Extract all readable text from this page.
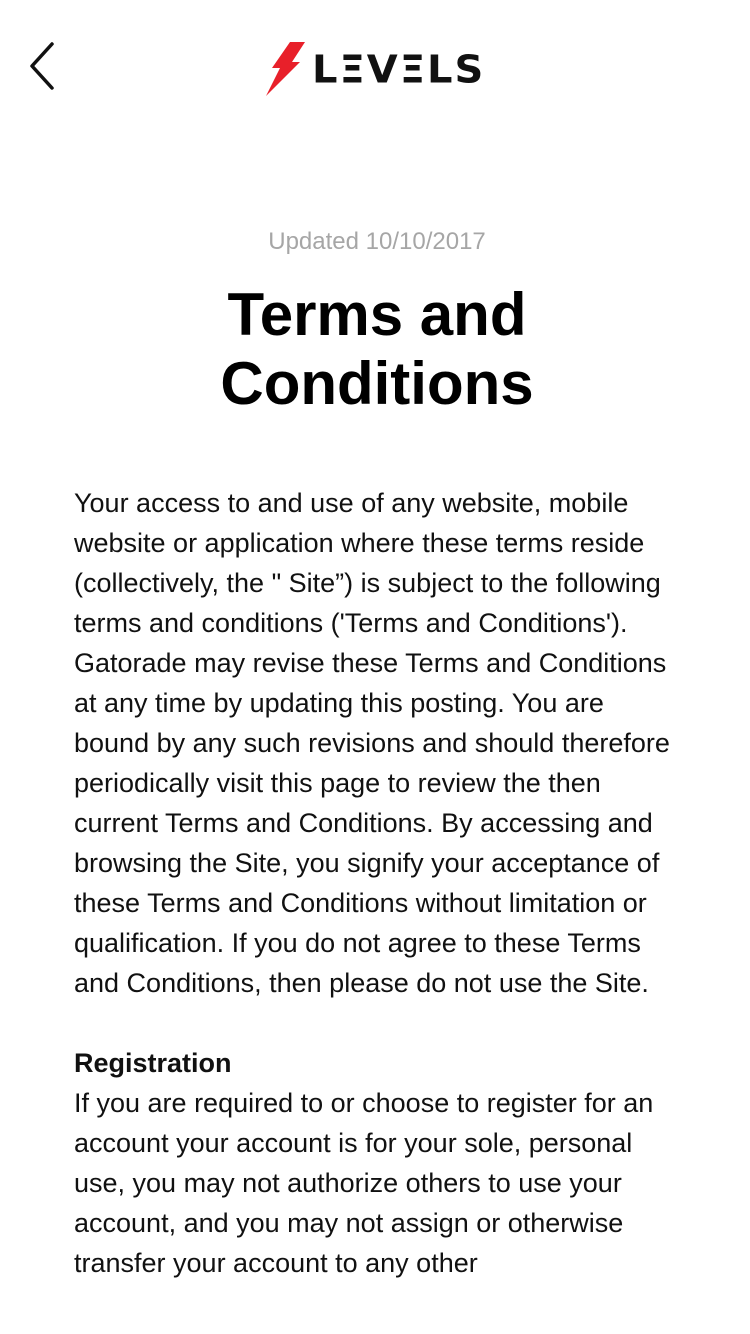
LΞVΞLS

Updated 10/10/2017

Terms and Conditions

Your access to and use of any website, mobile website or application where these terms reside (collectively, the " Site”) is subject to the following terms and conditions ('Terms and Conditions'). Gatorade may revise these Terms and Conditions at any time by updating this posting. You are bound by any such revisions and should therefore periodically visit this page to review the then current Terms and Conditions. By accessing and browsing the Site, you signify your acceptance of these Terms and Conditions without limitation or qualification. If you do not agree to these Terms and Conditions, then please do not use the Site.

Registration

If you are required to or choose to register for an account your account is for your sole, personal use, you may not authorize others to use your account, and you may not assign or otherwise transfer your account to any other
